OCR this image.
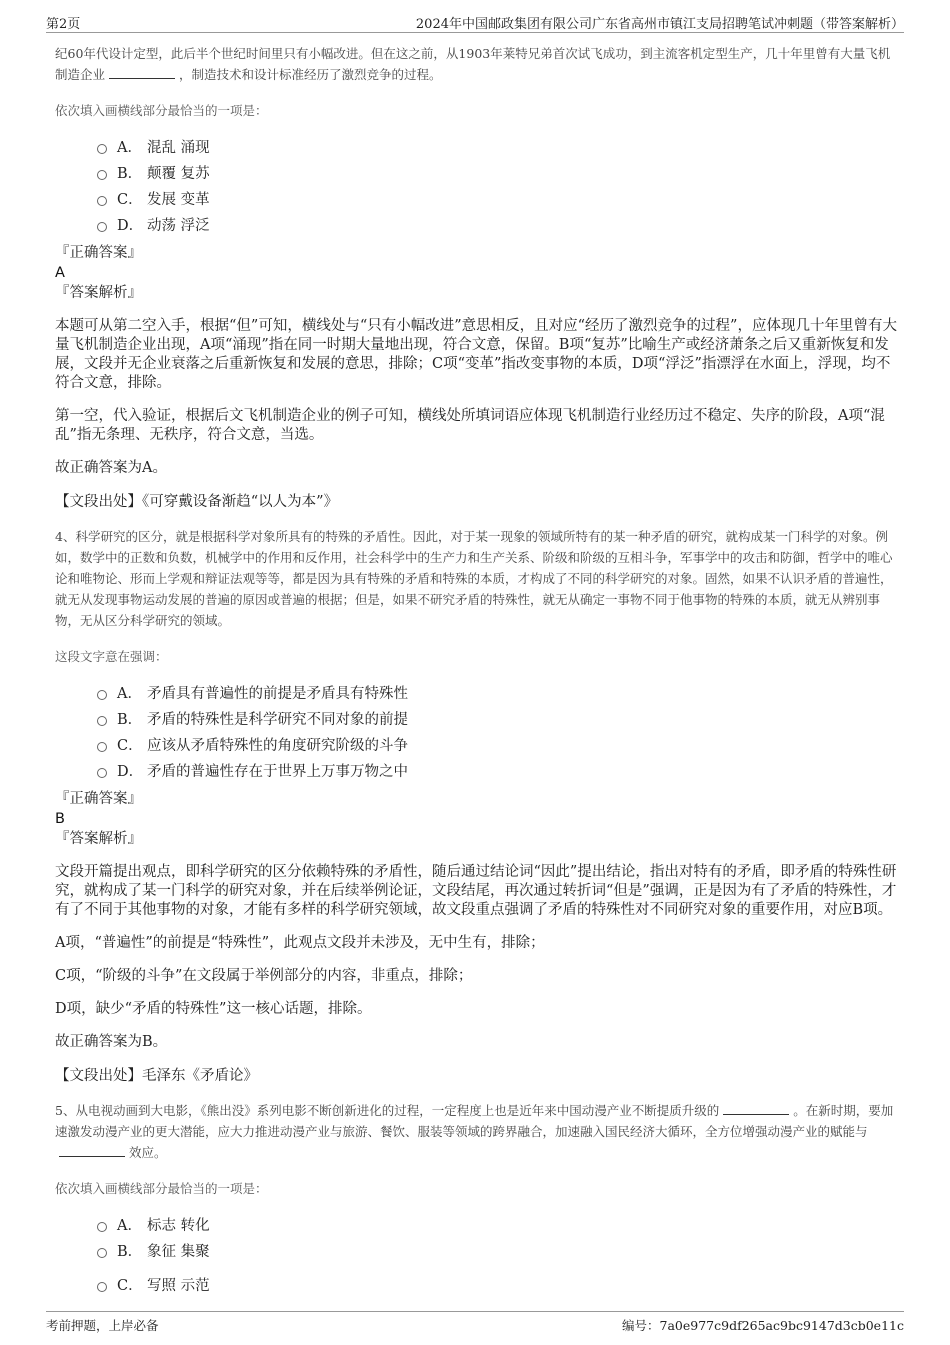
第2页	2024年中国邮政集团有限公司广东省高州市镇江支局招聘笔试冲刺题（带答案解析）

纪60年代设计定型，此后半个世纪时间里只有小幅改进。但在这之前，从1903年莱特兄弟首次试飞成功，到主流客机定型生产，几十年里曾有大量飞机制造企业	，制造技术和设计标准经历了激烈竞争的过程。

依次填入画横线部分最恰当的一项是：

A． 混乱 涌现
B． 颠覆 复苏
C． 发展 变革
D． 动荡 浮泛

『正确答案』

A

『答案解析』

本题可从第二空入手，根据“但”可知，横线处与“只有小幅改进”意思相反，且对应“经历了激烈竞争的过程”，应体现几十年里曾有大量飞机制造企业出现，A项“涌现”指在同一时期大量地出现，符合文意，保留。B项“复苏”比喻生产或经济萧条之后又重新恢复和发展，文段并无企业衰落之后重新恢复和发展的意思，排除；C项“变革”指改变事物的本质，D项“浮泛”指漂浮在水面上，浮现，均不符合文意，排除。

第一空，代入验证，根据后文飞机制造企业的例子可知，横线处所填词语应体现飞机制造行业经历过不稳定、失序的阶段，A项“混乱”指无条理、无秩序，符合文意，当选。

故正确答案为A。

【文段出处】《可穿戴设备渐趋“以人为本”》

4、科学研究的区分，就是根据科学对象所具有的特殊的矛盾性。因此，对于某一现象的领域所特有的某一种矛盾的研究，就构成某一门科学的对象。例如，数学中的正数和负数，机械学中的作用和反作用，社会科学中的生产力和生产关系、阶级和阶级的互相斗争，军事学中的攻击和防御，哲学中的唯心论和唯物论、形而上学观和辩证法观等等，都是因为具有特殊的矛盾和特殊的本质，才构成了不同的科学研究的对象。固然，如果不认识矛盾的普遍性，就无从发现事物运动发展的普遍的原因或普遍的根据；但是，如果不研究矛盾的特殊性，就无从确定一事物不同于他事物的特殊的本质，就无从辨别事物，无从区分科学研究的领域。

这段文字意在强调：

A． 矛盾具有普遍性的前提是矛盾具有特殊性
B． 矛盾的特殊性是科学研究不同对象的前提
C． 应该从矛盾特殊性的角度研究阶级的斗争
D． 矛盾的普遍性存在于世界上万事万物之中

『正确答案』

B

『答案解析』

文段开篇提出观点，即科学研究的区分依赖特殊的矛盾性，随后通过结论词“因此”提出结论，指出对特有的矛盾，即矛盾的特殊性研究，就构成了某一门科学的研究对象，并在后续举例论证，文段结尾，再次通过转折词“但是”强调，正是因为有了矛盾的特殊性，才有了不同于其他事物的对象，才能有多样的科学研究领域，故文段重点强调了矛盾的特殊性对不同研究对象的重要作用，对应B项。

A项，“普遍性”的前提是“特殊性”，此观点文段并未涉及，无中生有，排除；

C项，“阶级的斗争”在文段属于举例部分的内容，非重点，排除；

D项，缺少“矛盾的特殊性”这一核心话题，排除。

故正确答案为B。

【文段出处】毛泽东《矛盾论》

5、从电视动画到大电影，《熊出没》系列电影不断创新进化的过程，一定程度上也是近年来中国动漫产业不断提质升级的	。在新时期，要加速激发动漫产业的更大潜能，应大力推进动漫产业与旅游、餐饮、服装等领域的跨界融合，加速融入国民经济大循环，全方位增强动漫产业的赋能与效应。

依次填入画横线部分最恰当的一项是：

A． 标志 转化
B． 象征 集聚
C． 写照 示范
考前押题，上岸必备	编号：7a0e977c9df265ac9bc9147d3cb0e11c
